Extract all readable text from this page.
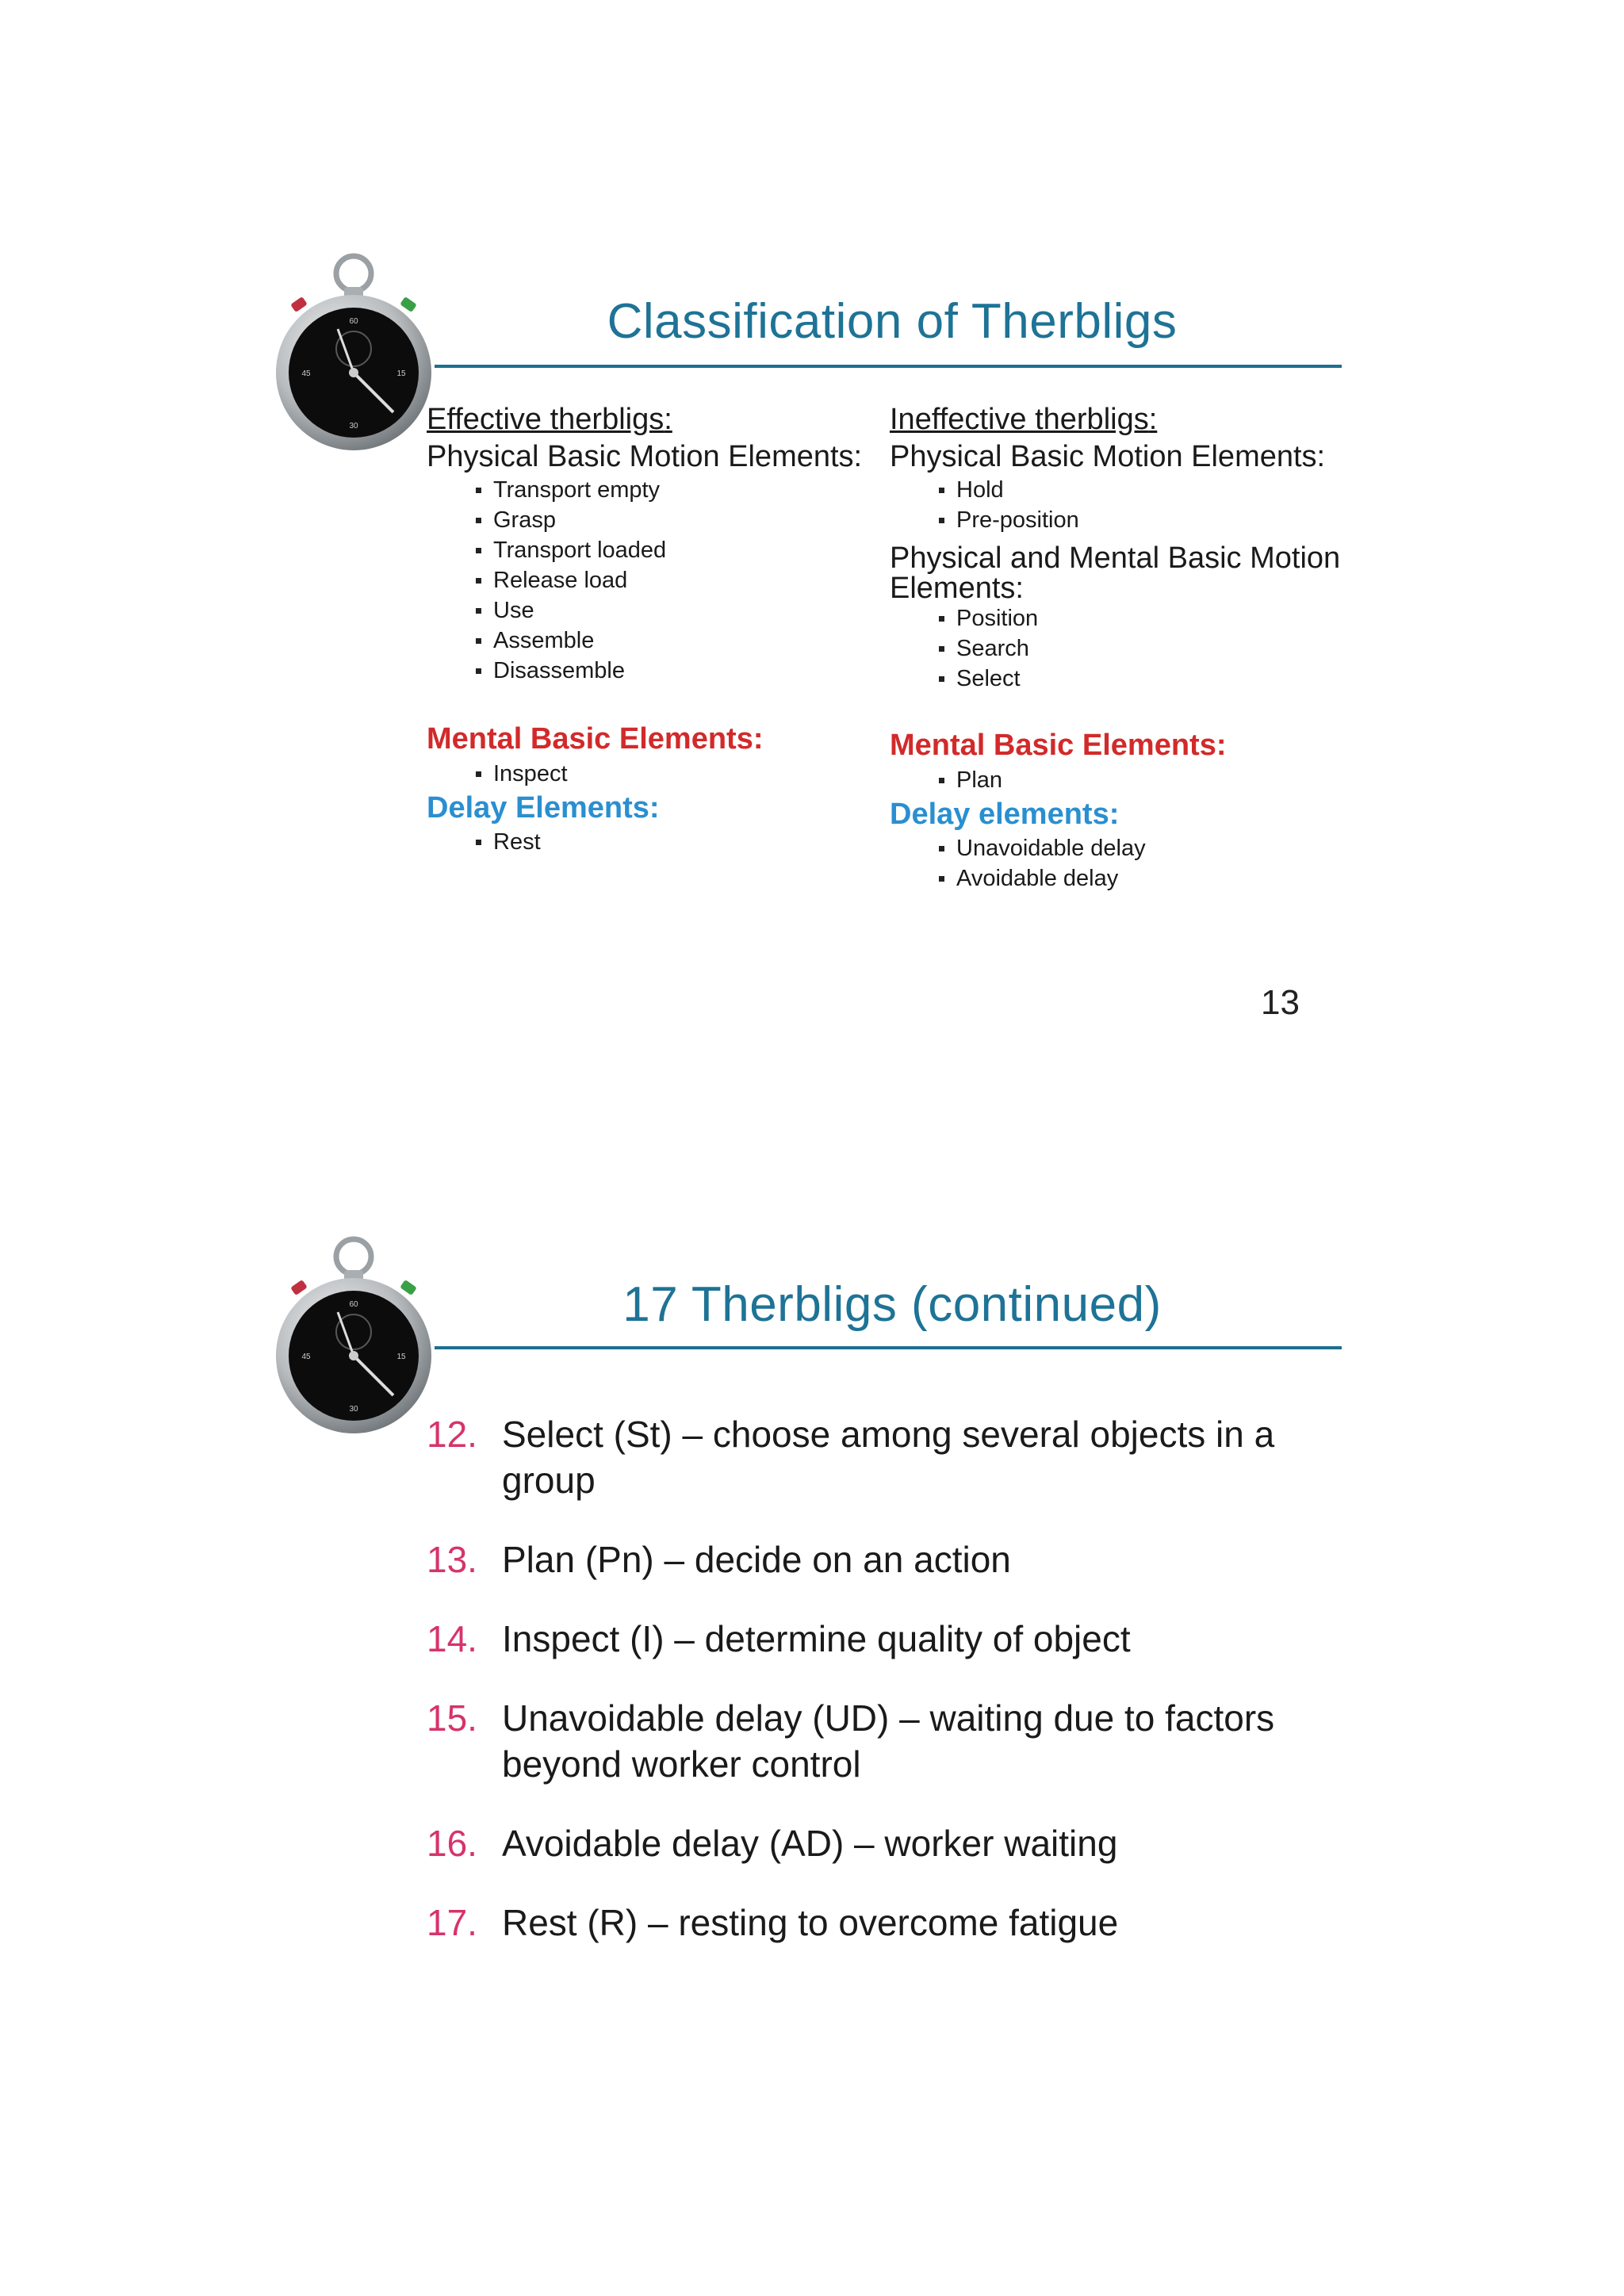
60
15
30
45
Classification of Therbligs
Effective therbligs:
Physical Basic Motion Elements:
Transport empty
Grasp
Transport loaded
Release load
Use
Assemble
Disassemble
Mental Basic Elements:
Inspect
Delay Elements:
Rest
Ineffective therbligs:
Physical Basic Motion Elements:
Hold
Pre-position
Physical and Mental Basic Motion Elements:
Position
Search
Select
Mental Basic Elements:
Plan
Delay elements:
Unavoidable delay
Avoidable delay
13
60
15
30
45
17 Therbligs (continued)
12. Select (St) – choose among several objects in a group
13. Plan (Pn) – decide on an action
14. Inspect (I) – determine quality of object
15. Unavoidable delay (UD) – waiting due to factors beyond worker control
16. Avoidable delay (AD) – worker waiting
17. Rest (R) – resting to overcome fatigue
